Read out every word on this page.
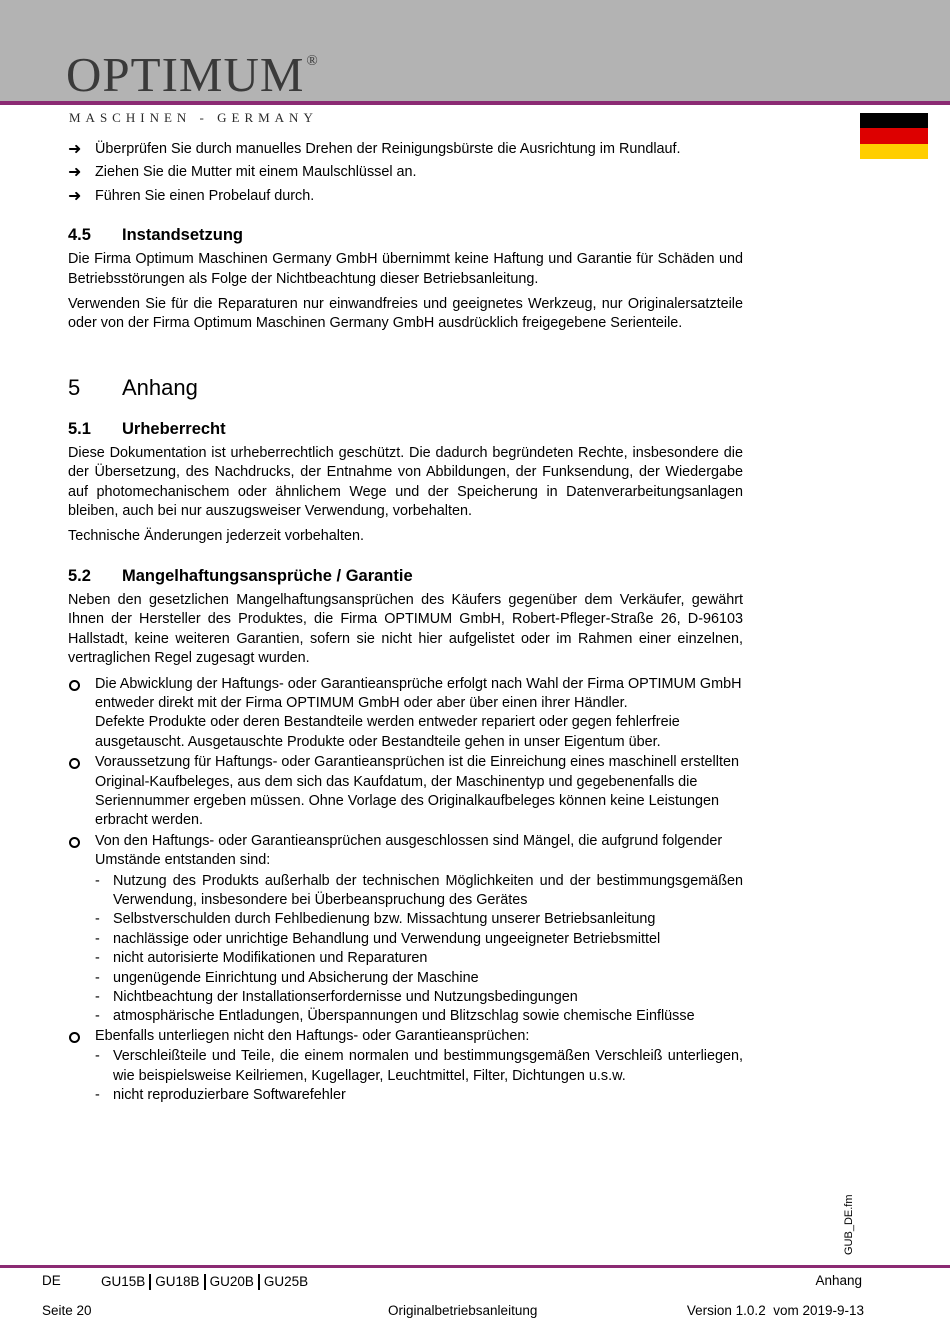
OPTIMUM ®
MASCHINEN - GERMANY
➜ Überprüfen Sie durch manuelles Drehen der Reinigungsbürste die Ausrichtung im Rundlauf.
➜ Ziehen Sie die Mutter mit einem Maulschlüssel an.
➜ Führen Sie einen Probelauf durch.
4.5 Instandsetzung

Die Firma Optimum Maschinen Germany GmbH übernimmt keine Haftung und Garantie für Schäden und Betriebsstörungen als Folge der Nichtbeachtung dieser Betriebsanleitung.

Verwenden Sie für die Reparaturen nur einwandfreies und geeignetes Werkzeug, nur Originalersatzteile oder von der Firma Optimum Maschinen Germany GmbH ausdrücklich freigegebene Serienteile.

5 Anhang
5.1 Urheberrecht

Diese Dokumentation ist urheberrechtlich geschützt. Die dadurch begründeten Rechte, insbesondere die der Übersetzung, des Nachdrucks, der Entnahme von Abbildungen, der Funksendung, der Wiedergabe auf photomechanischem oder ähnlichem Wege und der Speicherung in Datenverarbeitungsanlagen bleiben, auch bei nur auszugsweiser Verwendung, vorbehalten.

Technische Änderungen jederzeit vorbehalten.

5.2 Mangelhaftungsansprüche / Garantie

Neben den gesetzlichen Mangelhaftungsansprüchen des Käufers gegenüber dem Verkäufer, gewährt Ihnen der Hersteller des Produktes, die Firma OPTIMUM GmbH, Robert-Pfleger-Straße 26, D-96103 Hallstadt, keine weiteren Garantien, sofern sie nicht hier aufgelistet oder im Rahmen einer einzelnen, vertraglichen Regel zugesagt wurden.

Die Abwicklung der Haftungs- oder Garantieansprüche erfolgt nach Wahl der Firma OPTIMUM GmbH entweder direkt mit der Firma OPTIMUM GmbH oder aber über einen ihrer Händler.
Defekte Produkte oder deren Bestandteile werden entweder repariert oder gegen fehlerfreie ausgetauscht. Ausgetauschte Produkte oder Bestandteile gehen in unser Eigentum über.
Voraussetzung für Haftungs- oder Garantieansprüchen ist die Einreichung eines maschinell erstellten Original-Kaufbeleges, aus dem sich das Kaufdatum, der Maschinentyp und gegebenenfalls die Seriennummer ergeben müssen. Ohne Vorlage des Originalkaufbeleges können keine Leistungen erbracht werden.
Von den Haftungs- oder Garantieansprüchen ausgeschlossen sind Mängel, die aufgrund folgender Umstände entstanden sind:
- Nutzung des Produkts außerhalb der technischen Möglichkeiten und der bestimmungsgemäßen Verwendung, insbesondere bei Überbeanspruchung des Gerätes
- Selbstverschulden durch Fehlbedienung bzw. Missachtung unserer Betriebsanleitung
- nachlässige oder unrichtige Behandlung und Verwendung ungeeigneter Betriebsmittel
- nicht autorisierte Modifikationen und Reparaturen
- ungenügende Einrichtung und Absicherung der Maschine
- Nichtbeachtung der Installationserfordernisse und Nutzungsbedingungen
- atmosphärische Entladungen, Überspannungen und Blitzschlag sowie chemische Einflüsse
Ebenfalls unterliegen nicht den Haftungs- oder Garantieansprüchen:
- Verschleißteile und Teile, die einem normalen und bestimmungsgemäßen Verschleiß unterliegen, wie beispielsweise Keilriemen, Kugellager, Leuchtmittel, Filter, Dichtungen u.s.w.
- nicht reproduzierbare Softwarefehler
GUB_DE.fm
DE	GU15B GU18B GU20B GU25B	Anhang
Seite 20	Originalbetriebsanleitung	Version 1.0.2  vom 2019-9-13
